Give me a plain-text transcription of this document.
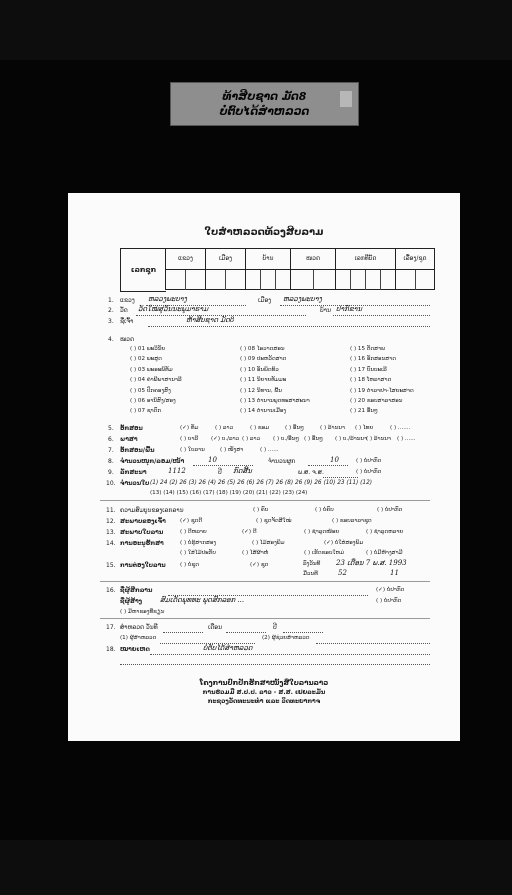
ທ້າສີບຊາດ ມັດ8
ບໍ່ຕົບໄດ້ສຳຫລວດ
ໃບສຳຫລວດທ້ວງສີບລາມ
ເລກຊຸກ
ແຂວງ	ເມືອງ	ບ້ານ	ໜວດ	ເລກທີບັດ	ເລື່ອງ/ຊຸດ
1. ແຂວງ ຫລວງພະບາງ	ເມືອງ ຫລວງພະບາງ
2. ວັດ ວັດໃໝ່ສຸວັນນະພູມາຣາມ	ບ້ານ ປາກ໌ຂານ
3. ຊື່ເຈົ້າ	ຫ້າສີບຊາດ ມັດ8
4. ໝວດ
( ) 01 ພະວິນັຍ	( ) 08 ໄອວາດສອນ	( ) 15 ຕັດສາພ
( ) 02 ພະສູດ	( ) 09 ປະຫວັດສາດ	( ) 16 ອັກສອນສາດ
( ) 03 ພະອະພິທັມ	( ) 10 ອັນພິດທິວ	( ) 17 ບົນບະເລີ
( ) 04 ຄຳພີພາສານາລີ	( ) 11 ນິຍາຍທັມມະ	( ) 18 ໂຫລາສາດ
( ) 05 ປົກຄອງສົງ	( ) 12 ນິທານ, ພື້ນ	( ) 19 ຕຳລາຢາ-ໄສຍະສາດ
( ) 06 ອານິສົງ/ສອງ	( ) 13 ຕຳນານພຸດທະສາສະນາ	( ) 20 ຂອບສາລາສອນ
( ) 07 ຊາດົກ	( ) 14 ຕຳນານເມືອງ	( ) 21 ອື່ນໆ
5. ອັກສອນ	(✓) ທັມ	( ) ລາວ	( ) ຂອມ	( ) ອື່ນໆ	( ) ລ້ານນາ ( ) ໄທຍ	( ) .......
6. ພາສາ	( ) ບາລີ (✓) ບ./ລາວ ( ) ລາວ ( ) ບ./ອື່ນໆ ( ) ອື່ນໆ ( ) ບ./ລ້ານນາ
( ) ລ້ານນາ ( ) ......
7. ອັກສອນ/ພື້ນ	( ) ໃບລານ	( ) ໜັງສາ	( ) ......
8. ຈຳນວນໜຸກ/ລອມ/ໜ້າ	10	ຈຳນວນຜູກ	10	( ) ບໍ່ປາກົດ
9. ລັກສະນາ	1112	ປີ ກົດສີ້ນ	ພ.ສ. ຈ.ສ.	( ) ບໍ່ປາກົດ
10. ຈຳນວນໃບ (1) 24 (2) 26 (3) 26 (4) 26 (5) 26 (6) 26 (7) 26 (8) 26 (9) 26 (10) 23 (11) (12)
(13) (14) (15) (16) (17) (18) (19) (20) (21) (22) (23) (24)
11. ຄວາມສົມບູນຂອງເລກລານ	( ) ຄົບ	( ) ບໍ່ຄົບ	( ) ບໍ່ປາກົດ
12. ສະພາບຂອງເຈົ້າ	(✓) ຊຸດດີ	( ) ຊຸດຈັດສີໃໝ່	( ) ຂອບລາລາຊຸດ
13. ສະພາບໃບລານ	( ) ດີຫລາຍ	(✓) ດີ	( ) ຊຳລຸດໜ້ອຍ	( ) ຊຳລຸດຫລາຍ
14. ການອະນຸຮັກສາ	( ) ບໍ່ຮູ້ສາກສອງ	( ) ໄມ້ສອງພິມ	(✓) ບໍ່ໃສ່ສອງພິມ
( ) ໃສ່ໄມ້ປະກັບ	( ) ໄສ້ຜ້າຫໍ່	( ) ເຮັດຂອບໃຫມ່	( ) ບໍ່ມີຫ້າງສາມີ
15. ການຕ່ອງໃບລານ	( ) ບໍ່ຊຸດ	(✓) ຊຸດ	ລົງວັນທີ 23 ເດືອນ 7 ພ.ສ. 1993
ມື່ວນທີ	52	11
16. ຊື່ຜູ້ສີກລານ	(✓) ບໍ່ປາກົດ
ຊື່ຜູ້ສ້າງ	ສົມເດັດພຸທທະ ພຸດສົກລອກ ...	( ) ບໍ່ປາກົດ
( ) ມີຫາຂອງທີ່ຂຽນ
17. ສຳຫລວດ ວັນທີ	ເດືອນ	ປີ
(1) ຜູ້ສຳຫລວດ	(2) ຜູ້ຊ່ວຍສຳຫລວດ
18. ໝາຍເຫດ	ບໍ່ຕັບໄດ້ສຳຫລວດ
ໂຄງການປົກປັກຮັກສາໜັງສືໃບລານລາວ
ການຮ່ວມມື ສ.ປ.ປ. ລາວ - ສ.ສ. ເຢຍລະມັນ
ກະຊວງວັດທະນະທຳ ແລະ ວິດທະຍາກາຈ
